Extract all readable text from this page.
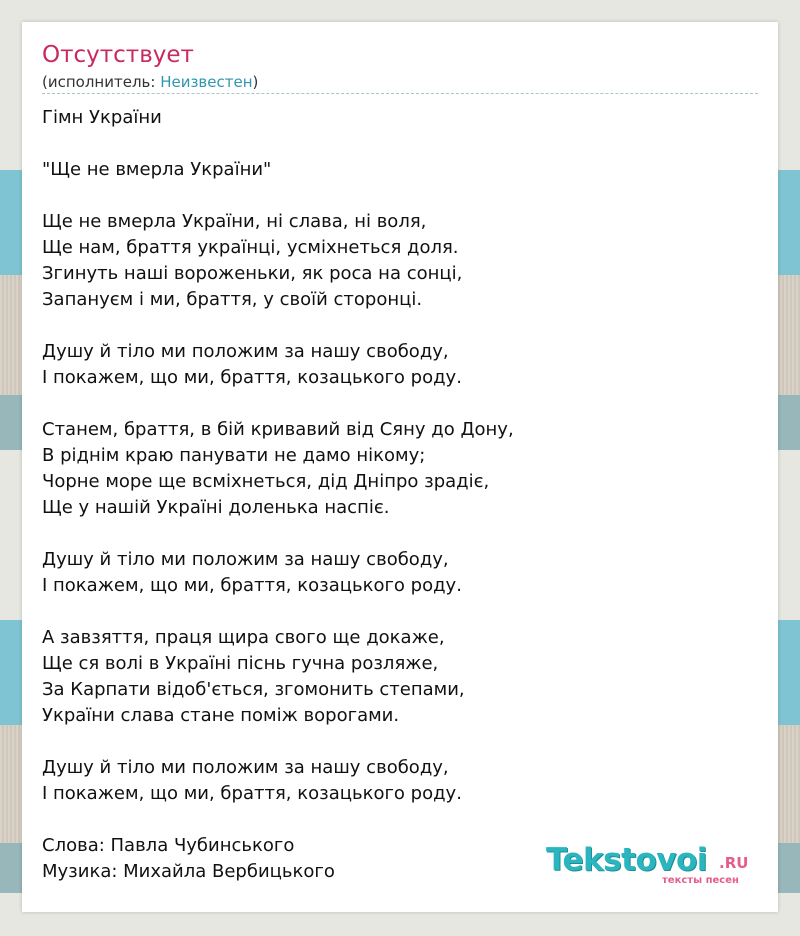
Отсутствует
(исполнитель: Неизвестен)
Гімн України
"Ще не вмерла України"
Ще не вмерла України, ні слава, ні воля,
Ще нам, браття українці, усміхнеться доля.
Згинуть наші вороженьки, як роса на сонці,
Запануєм і ми, браття, у своїй сторонці.
Душу й тіло ми положим за нашу свободу,
І покажем, що ми, браття, козацького роду.
Станем, браття, в бій кривавий від Сяну до Дону,
В ріднім краю панувати не дамо нікому;
Чорне море ще всміхнеться, дід Дніпро зрадіє,
Ще у нашій Україні доленька наспіє.
Душу й тіло ми положим за нашу свободу,
І покажем, що ми, браття, козацького роду.
А завзяття, праця щира свого ще докаже,
Ще ся волі в Україні піснь гучна розляже,
За Карпати відоб'ється, згомонить степами,
України слава стане поміж ворогами.
Душу й тіло ми положим за нашу свободу,
І покажем, що ми, браття, козацького роду.
Слова: Павла Чубинського
Музика: Михайла Вербицького	Tekstovoi .RU
тексты песен
